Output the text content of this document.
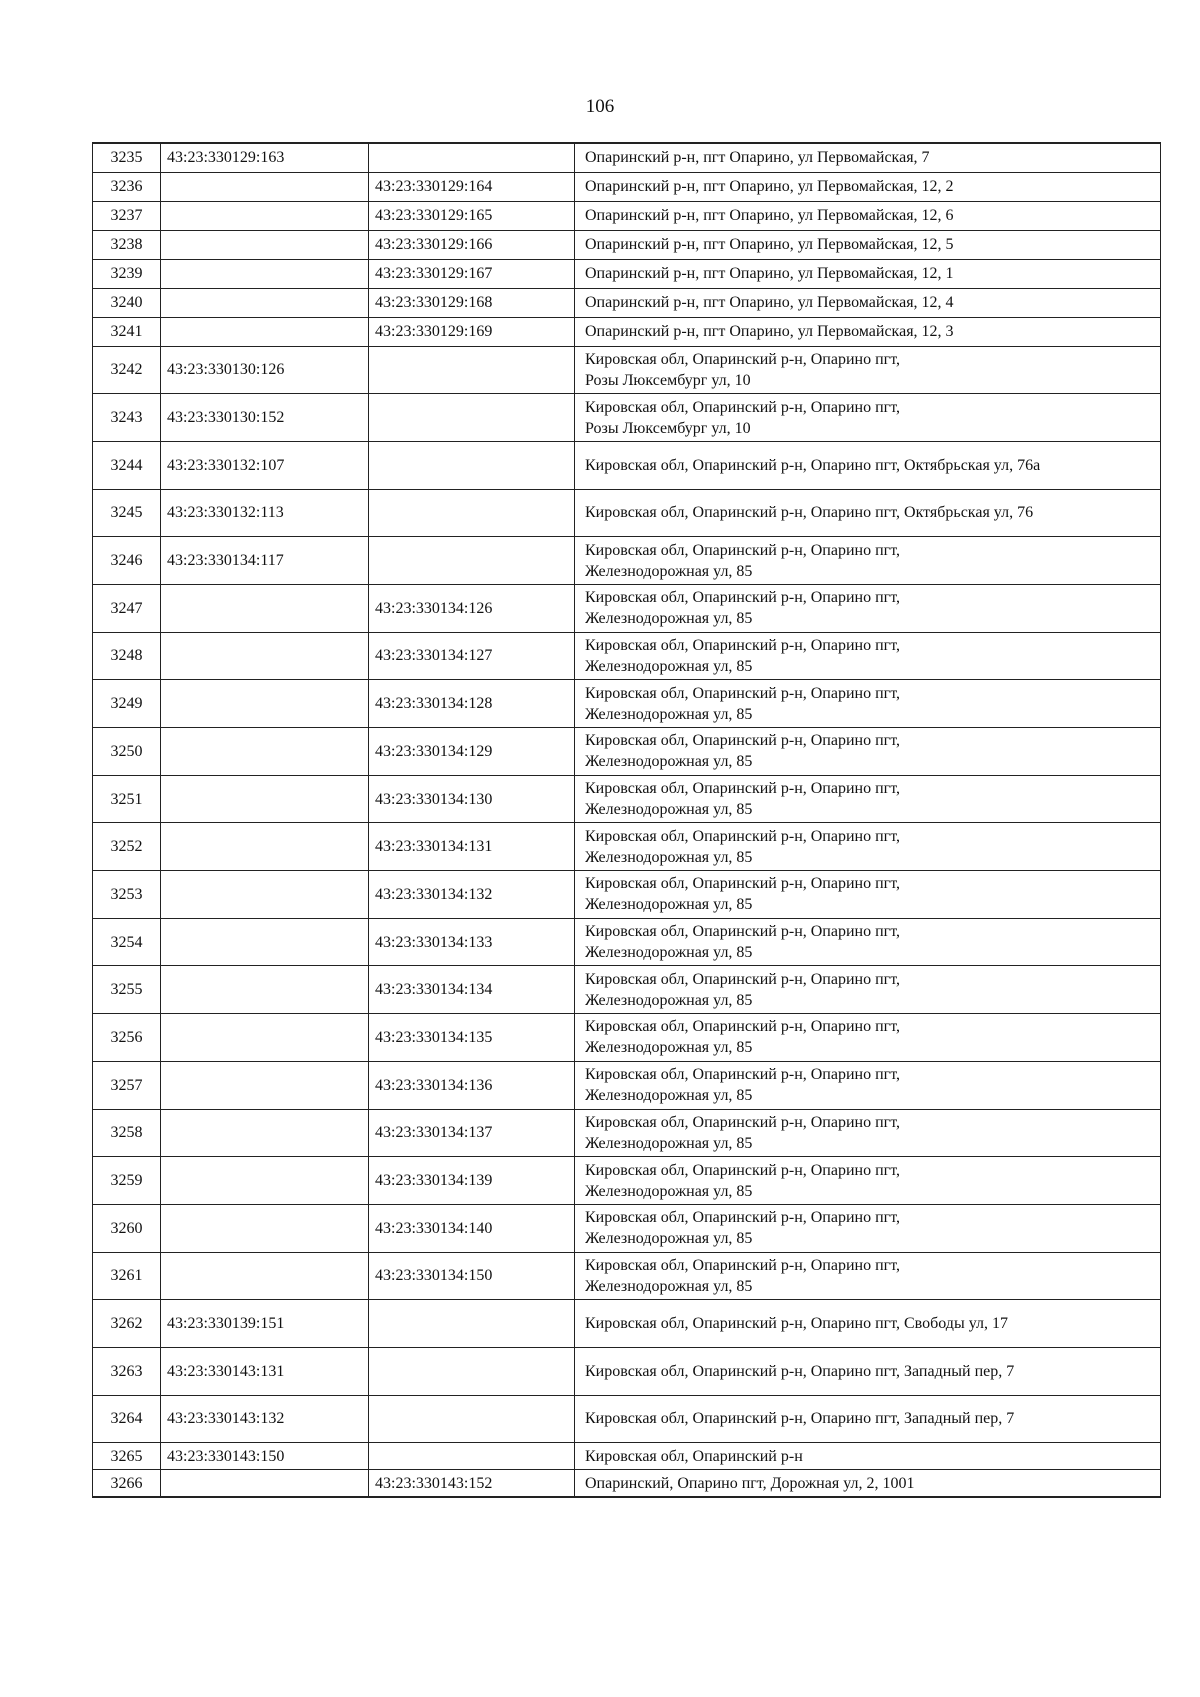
106
3235	43:23:330129:163		Опаринский р-н, пгт Опарино, ул Первомайская, 7

3236		43:23:330129:164	Опаринский р-н, пгт Опарино, ул Первомайская, 12, 2

3237		43:23:330129:165	Опаринский р-н, пгт Опарино, ул Первомайская, 12, 6

3238		43:23:330129:166	Опаринский р-н, пгт Опарино, ул Первомайская, 12, 5

3239		43:23:330129:167	Опаринский р-н, пгт Опарино, ул Первомайская, 12, 1

3240		43:23:330129:168	Опаринский р-н, пгт Опарино, ул Первомайская, 12, 4

3241		43:23:330129:169	Опаринский р-н, пгт Опарино, ул Первомайская, 12, 3

3242	43:23:330130:126		Кировская обл, Опаринский р-н, Опарино пгт,
Розы Люксембург ул, 10

3243	43:23:330130:152		Кировская обл, Опаринский р-н, Опарино пгт,
Розы Люксембург ул, 10

3244	43:23:330132:107		Кировская обл, Опаринский р-н, Опарино пгт, Октябрьская ул, 76а

3245	43:23:330132:113		Кировская обл, Опаринский р-н, Опарино пгт, Октябрьская ул, 76

3246	43:23:330134:117		Кировская обл, Опаринский р-н, Опарино пгт,
Железнодорожная ул, 85

3247		43:23:330134:126	Кировская обл, Опаринский р-н, Опарино пгт,
Железнодорожная ул, 85

3248		43:23:330134:127	Кировская обл, Опаринский р-н, Опарино пгт,
Железнодорожная ул, 85

3249		43:23:330134:128	Кировская обл, Опаринский р-н, Опарино пгт,
Железнодорожная ул, 85

3250		43:23:330134:129	Кировская обл, Опаринский р-н, Опарино пгт,
Железнодорожная ул, 85

3251		43:23:330134:130	Кировская обл, Опаринский р-н, Опарино пгт,
Железнодорожная ул, 85

3252		43:23:330134:131	Кировская обл, Опаринский р-н, Опарино пгт,
Железнодорожная ул, 85

3253		43:23:330134:132	Кировская обл, Опаринский р-н, Опарино пгт,
Железнодорожная ул, 85

3254		43:23:330134:133	Кировская обл, Опаринский р-н, Опарино пгт,
Железнодорожная ул, 85

3255		43:23:330134:134	Кировская обл, Опаринский р-н, Опарино пгт,
Железнодорожная ул, 85

3256		43:23:330134:135	Кировская обл, Опаринский р-н, Опарино пгт,
Железнодорожная ул, 85

3257		43:23:330134:136	Кировская обл, Опаринский р-н, Опарино пгт,
Железнодорожная ул, 85

3258		43:23:330134:137	Кировская обл, Опаринский р-н, Опарино пгт,
Железнодорожная ул, 85

3259		43:23:330134:139	Кировская обл, Опаринский р-н, Опарино пгт,
Железнодорожная ул, 85

3260		43:23:330134:140	Кировская обл, Опаринский р-н, Опарино пгт,
Железнодорожная ул, 85

3261		43:23:330134:150	Кировская обл, Опаринский р-н, Опарино пгт,
Железнодорожная ул, 85

3262	43:23:330139:151		Кировская обл, Опаринский р-н, Опарино пгт, Свободы ул, 17

3263	43:23:330143:131		Кировская обл, Опаринский р-н, Опарино пгт, Западный пер, 7

3264	43:23:330143:132		Кировская обл, Опаринский р-н, Опарино пгт, Западный пер, 7

3265	43:23:330143:150		Кировская обл, Опаринский р-н

3266		43:23:330143:152	Опаринский, Опарино пгт, Дорожная ул, 2, 1001
